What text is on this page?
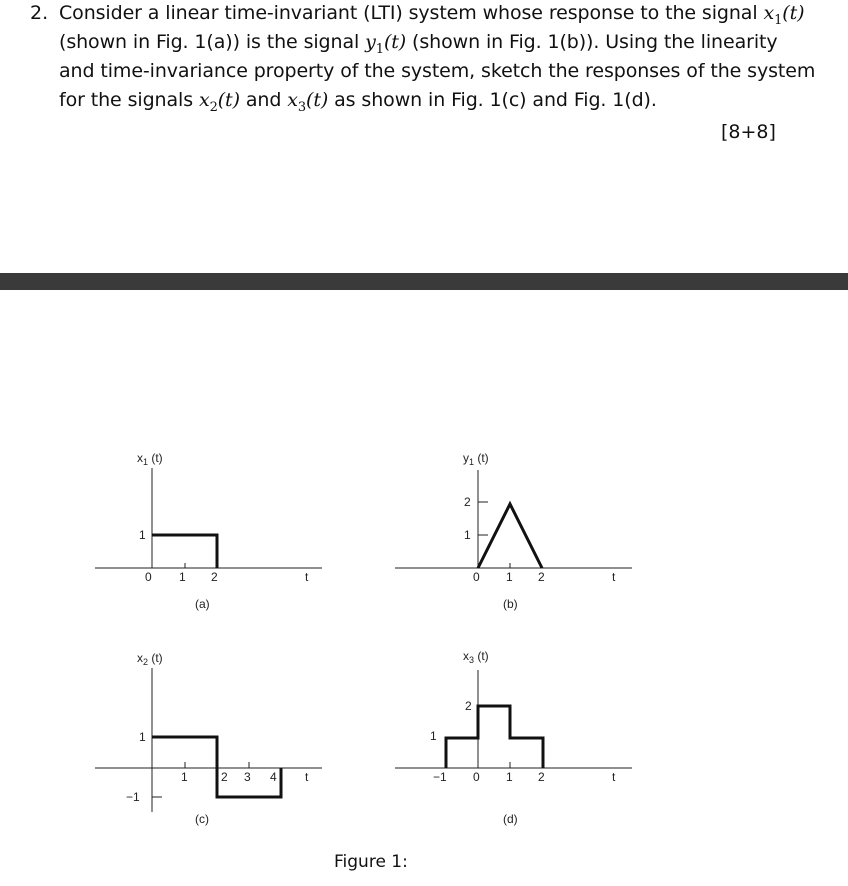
2. Consider a linear time-invariant (LTI) system whose response to the signal $x_1(t)$
(shown in Fig. 1(a)) is the signal $y_1(t)$ (shown in Fig. 1(b)). Using the linearity
and time-invariance property of the system, sketch the responses of the system
for the signals $x_2(t)$ and $x_3(t)$ as shown in Fig. 1(c) and Fig. 1(d).
[8+8]
$x_1$ (t)
1
0 1 2	t
(a)
$y_1$ (t)
2
1
0 1 2	t
(b)
$x_2$ (t)
1
−1
1	2 3 4 t
(c)
$x_3$ (t)
2
1
−1 0 1 2	t
(d)
Figure 1:
